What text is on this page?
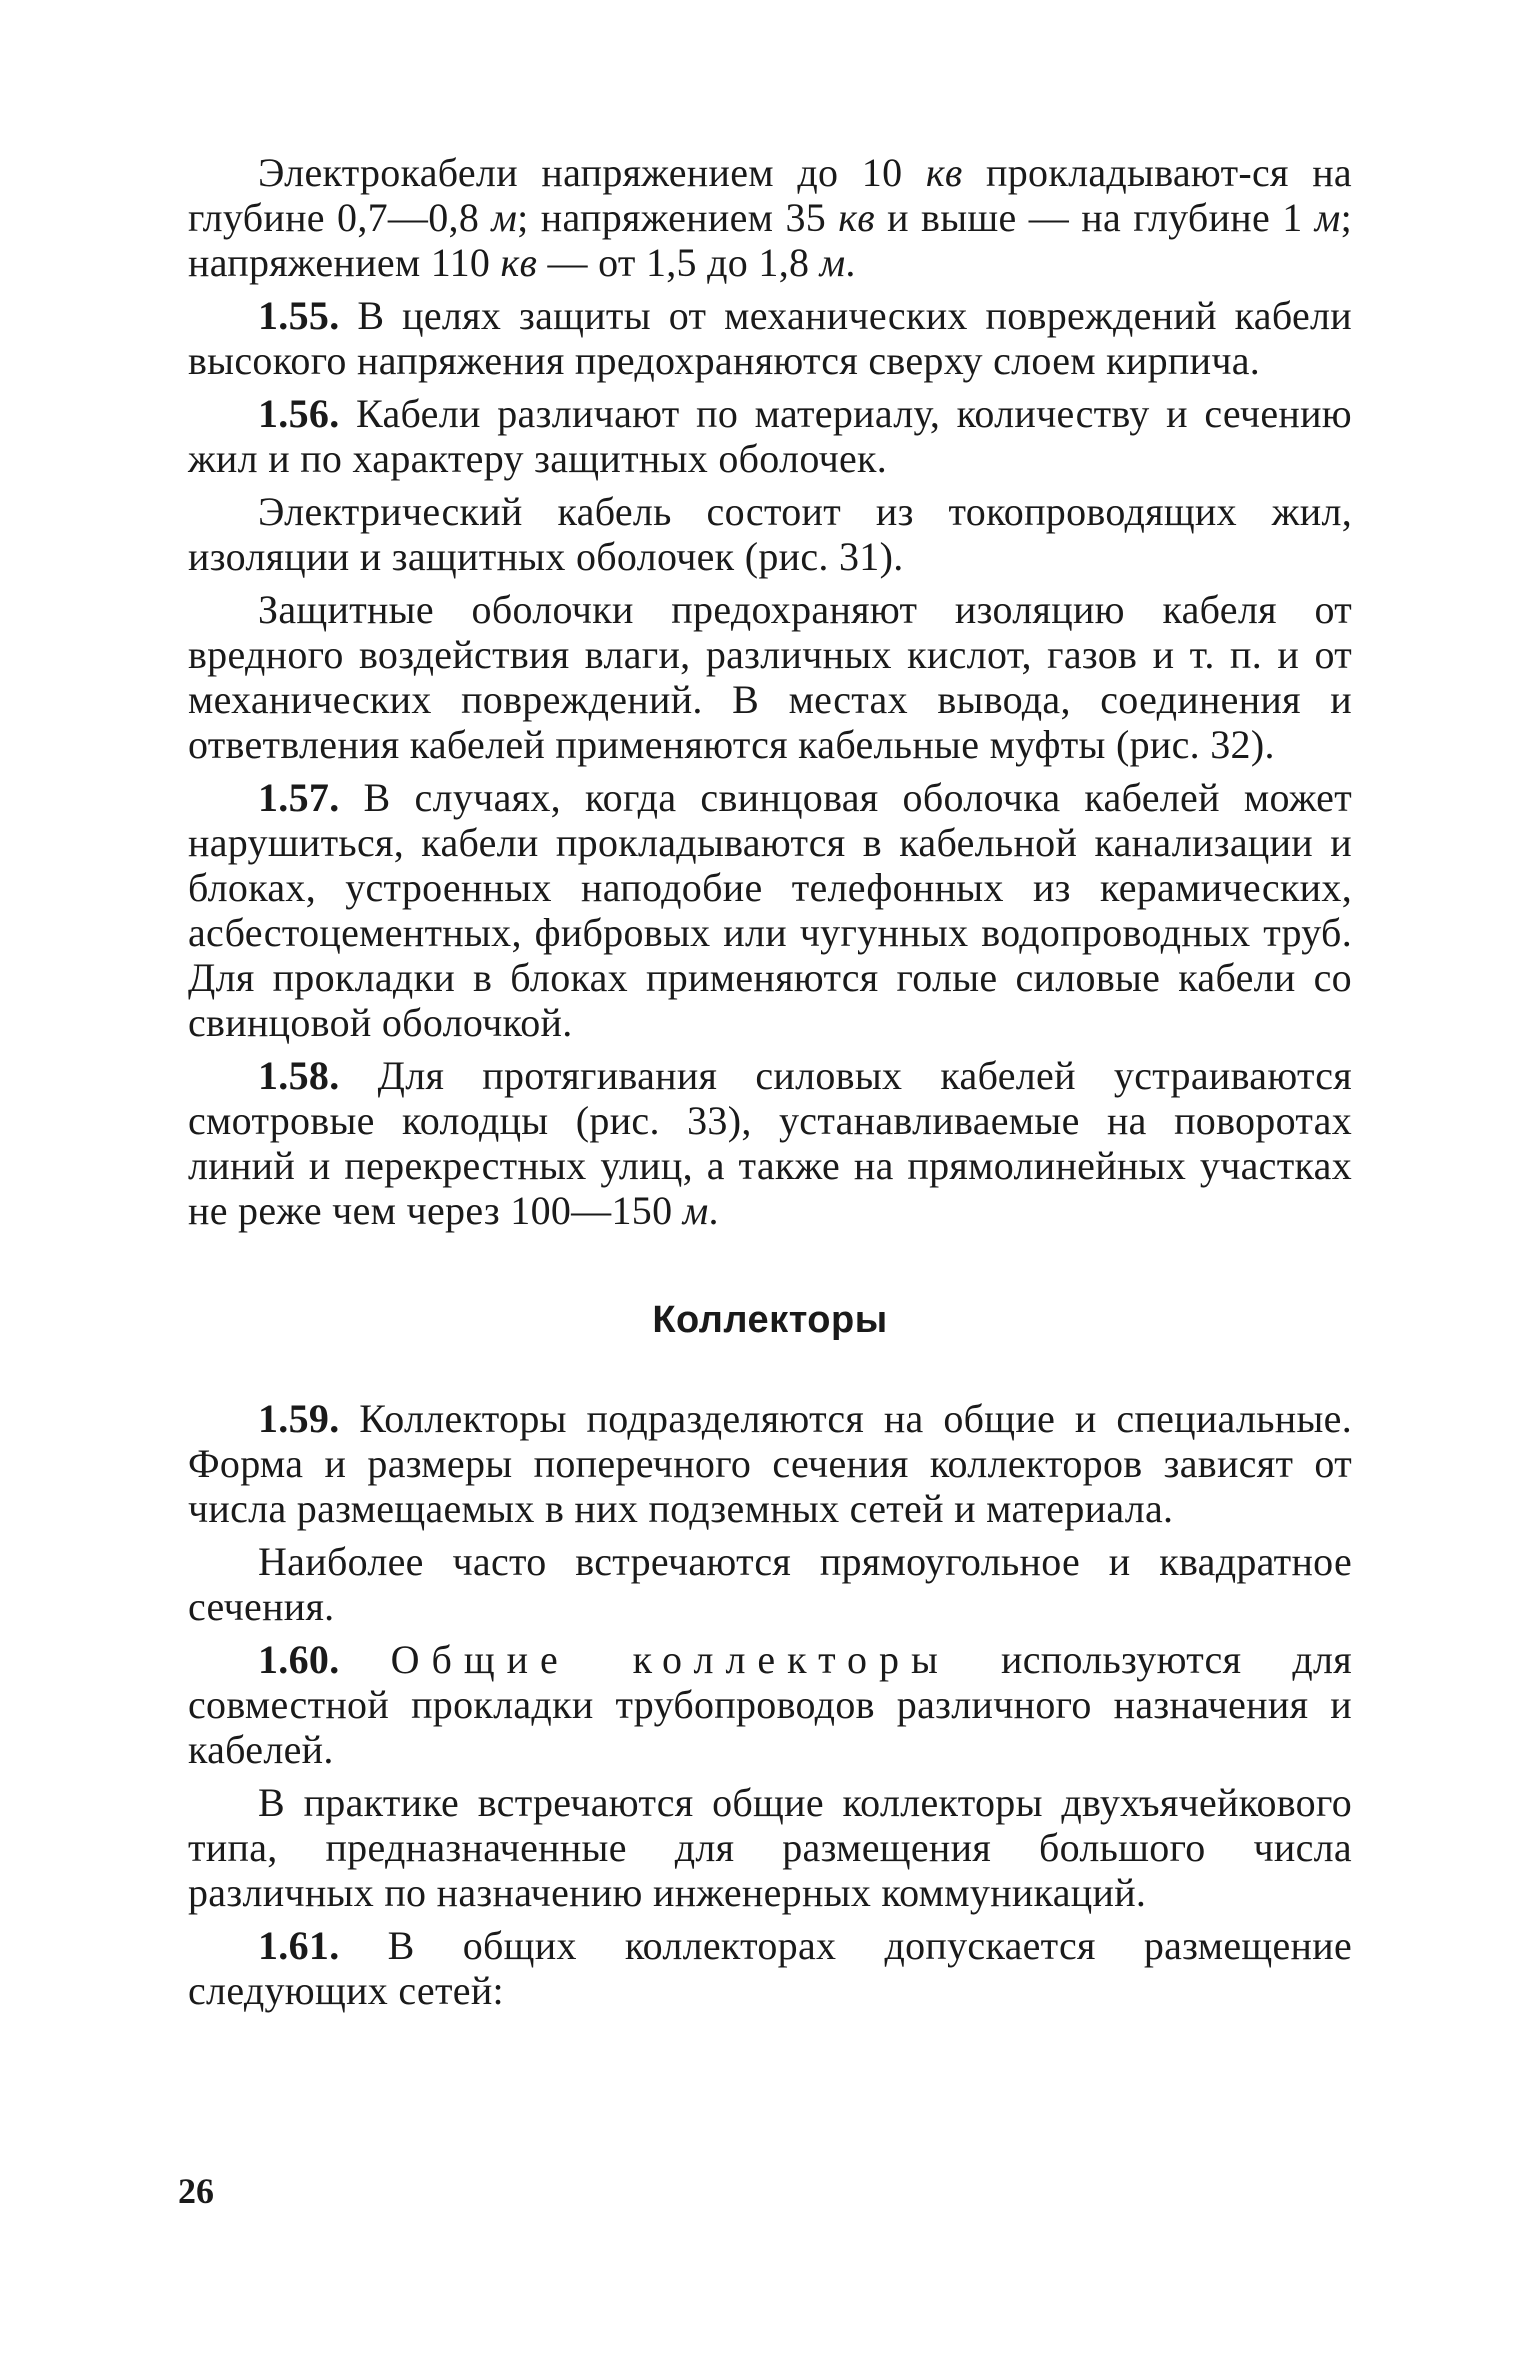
Электрокабели напряжением до 10 кв прокладывают-ся на глубине 0,7—0,8 м; напряжением 35 кв и выше — на глубине 1 м; напряжением 110 кв — от 1,5 до 1,8 м.

1.55. В целях защиты от механических повреждений кабели высокого напряжения предохраняются сверху слоем кирпича.

1.56. Кабели различают по материалу, количеству и сечению жил и по характеру защитных оболочек.

Электрический кабель состоит из токопроводящих жил, изоляции и защитных оболочек (рис. 31).

Защитные оболочки предохраняют изоляцию кабеля от вредного воздействия влаги, различных кислот, газов и т. п. и от механических повреждений. В местах вывода, соединения и ответвления кабелей применяются кабельные муфты (рис. 32).

1.57. В случаях, когда свинцовая оболочка кабелей может нарушиться, кабели прокладываются в кабельной канализации и блоках, устроенных наподобие телефонных из керамических, асбестоцементных, фибровых или чугунных водопроводных труб. Для прокладки в блоках применяются голые силовые кабели со свинцовой оболочкой.

1.58. Для протягивания силовых кабелей устраиваются смотровые колодцы (рис. 33), устанавливаемые на поворотах линий и перекрестных улиц, а также на прямолинейных участках не реже чем через 100—150 м.

Коллекторы

1.59. Коллекторы подразделяются на общие и специальные. Форма и размеры поперечного сечения коллекторов зависят от числа размещаемых в них подземных сетей и материала.

Наиболее часто встречаются прямоугольное и квадратное сечения.

1.60. Общие коллекторы используются для совместной прокладки трубопроводов различного назначения и кабелей.

В практике встречаются общие коллекторы двухъячейкового типа, предназначенные для размещения большого числа различных по назначению инженерных коммуникаций.

1.61. В общих коллекторах допускается размещение следующих сетей:

26
